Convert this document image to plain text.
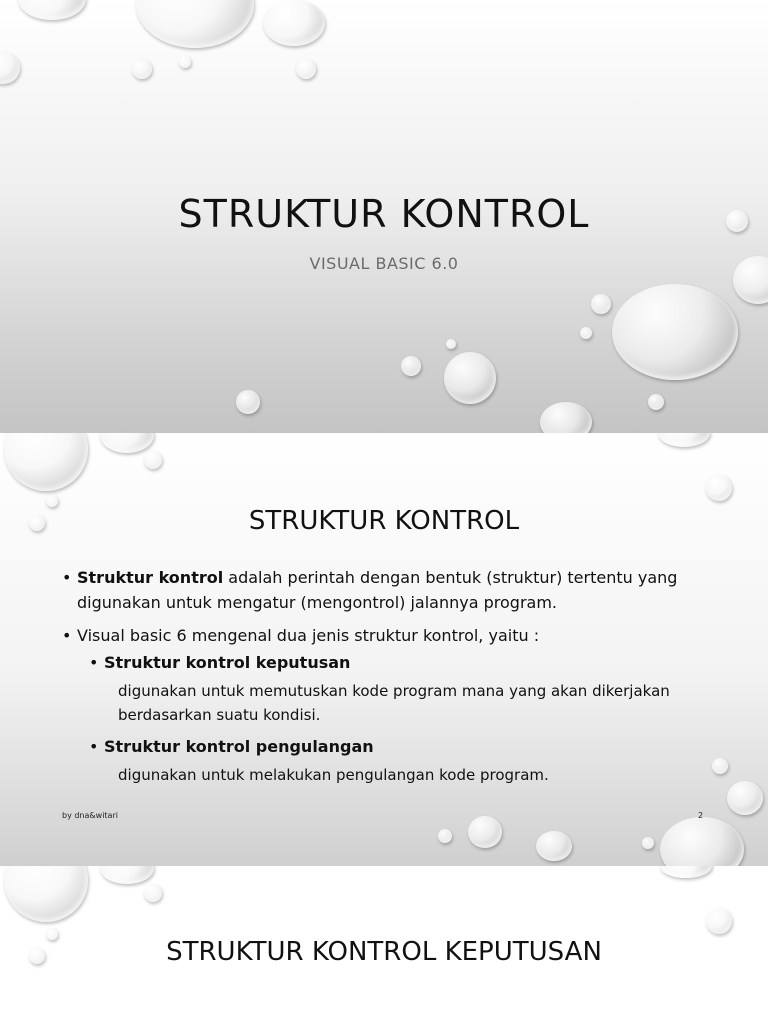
STRUKTUR KONTROL
VISUAL BASIC 6.0
STRUKTUR KONTROL
• Struktur kontrol adalah perintah dengan bentuk (struktur) tertentu yang digunakan untuk mengatur (mengontrol) jalannya program.
• Visual basic 6 mengenal dua jenis struktur kontrol, yaitu :
• Struktur kontrol keputusan
digunakan untuk memutuskan kode program mana yang akan dikerjakan berdasarkan suatu kondisi.
• Struktur kontrol pengulangan
digunakan untuk melakukan pengulangan kode program.
by dna&witari	2
STRUKTUR KONTROL KEPUTUSAN
